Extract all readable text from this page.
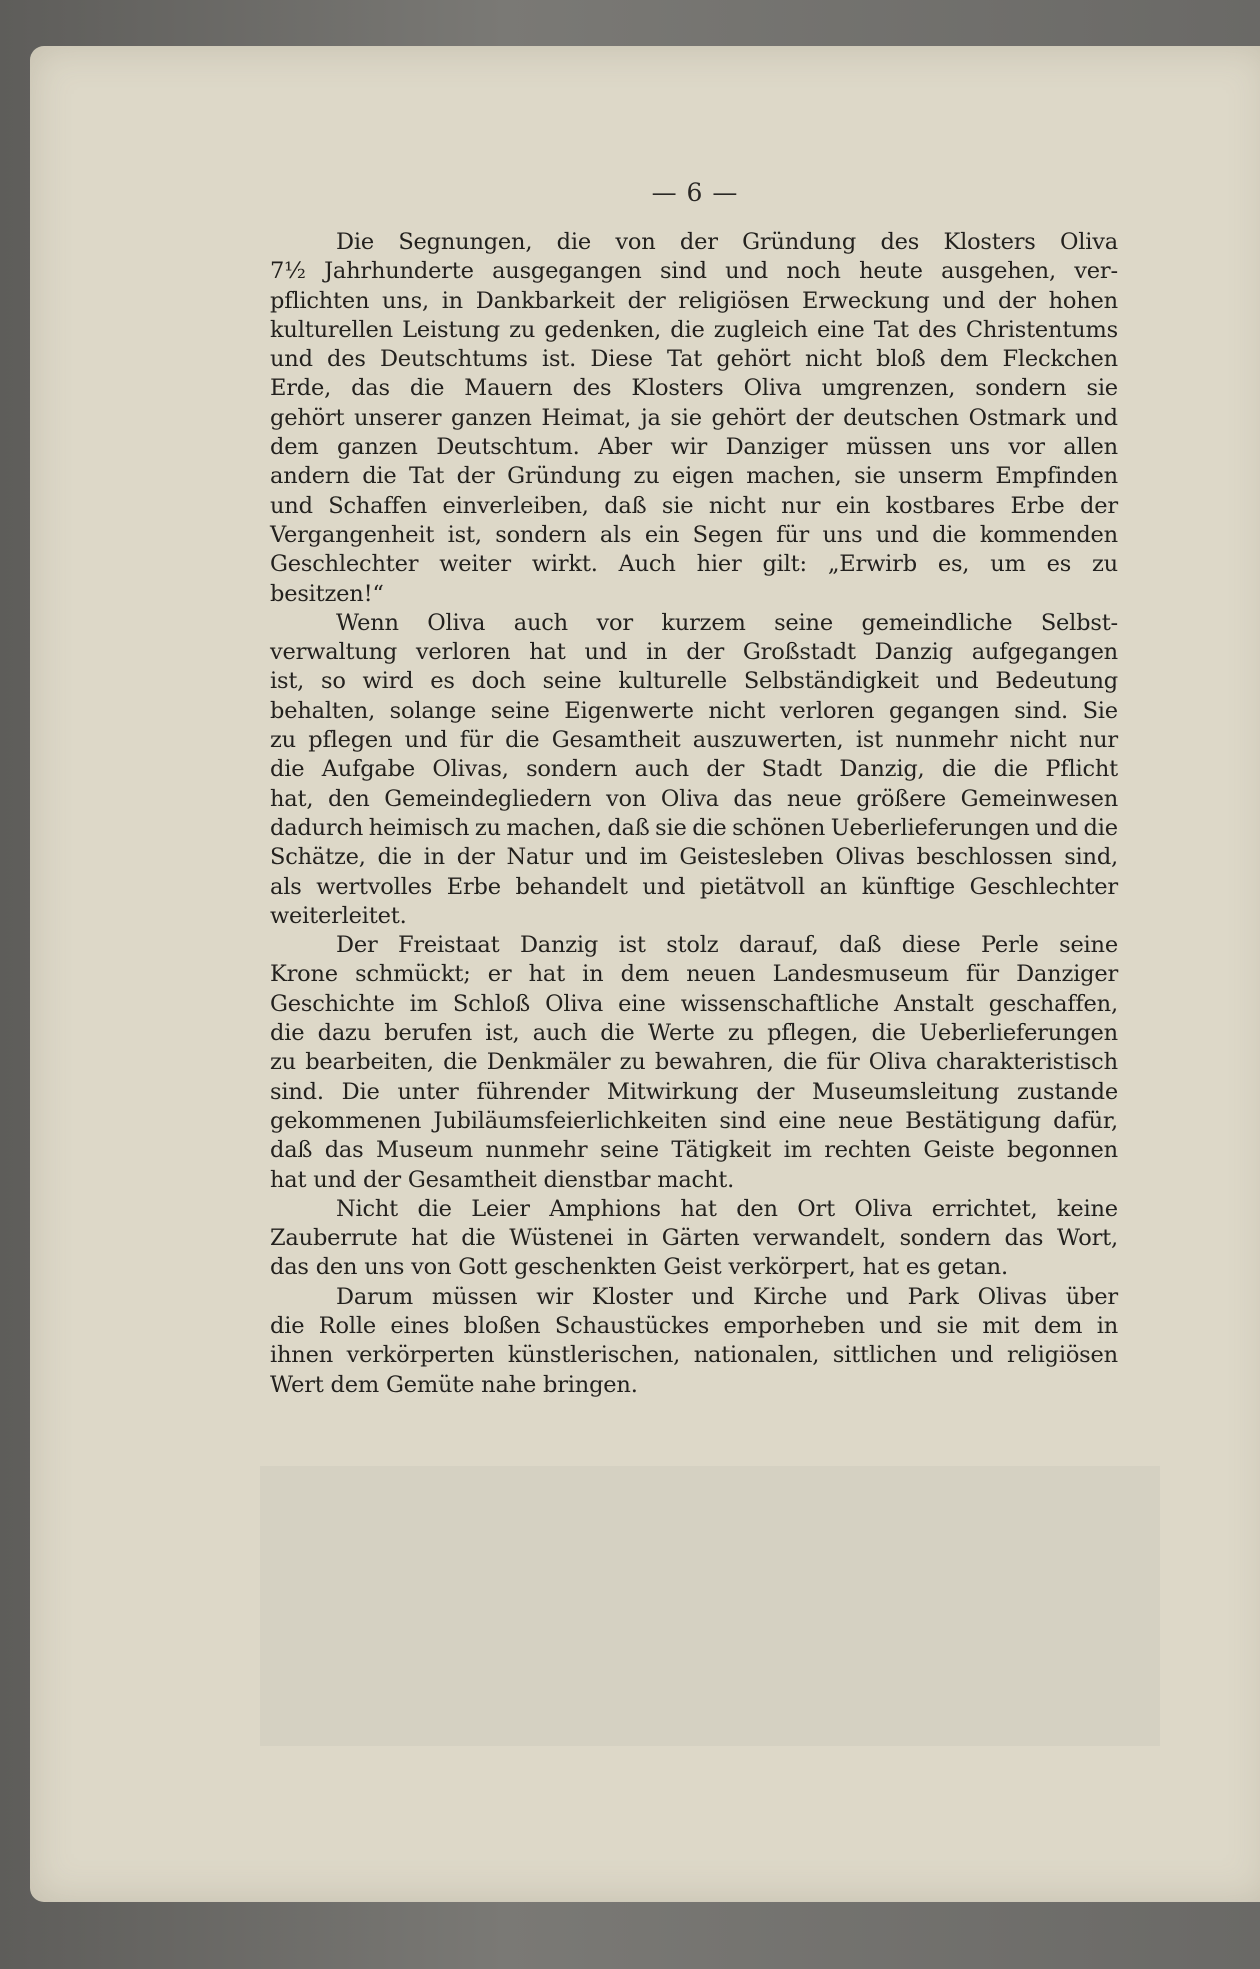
— 6 —
Die Segnungen, die von der Gründung des Klosters Oliva
7½ Jahrhunderte ausgegangen sind und noch heute ausgehen, ver-
pflichten uns, in Dankbarkeit der religiösen Erweckung und der hohen
kulturellen Leistung zu gedenken, die zugleich eine Tat des Christentums
und des Deutschtums ist. Diese Tat gehört nicht bloß dem Fleckchen
Erde, das die Mauern des Klosters Oliva umgrenzen, sondern sie
gehört unserer ganzen Heimat, ja sie gehört der deutschen Ostmark und
dem ganzen Deutschtum. Aber wir Danziger müssen uns vor allen
andern die Tat der Gründung zu eigen machen, sie unserm Empfinden
und Schaffen einverleiben, daß sie nicht nur ein kostbares Erbe der
Vergangenheit ist, sondern als ein Segen für uns und die kommenden
Geschlechter weiter wirkt. Auch hier gilt: „Erwirb es, um es zu
besitzen!“
Wenn Oliva auch vor kurzem seine gemeindliche Selbst-
verwaltung verloren hat und in der Großstadt Danzig aufgegangen
ist, so wird es doch seine kulturelle Selbständigkeit und Bedeutung
behalten, solange seine Eigenwerte nicht verloren gegangen sind. Sie
zu pflegen und für die Gesamtheit auszuwerten, ist nunmehr nicht nur
die Aufgabe Olivas, sondern auch der Stadt Danzig, die die Pflicht
hat, den Gemeindegliedern von Oliva das neue größere Gemeinwesen
dadurch heimisch zu machen, daß sie die schönen Ueberlieferungen und die
Schätze, die in der Natur und im Geistesleben Olivas beschlossen sind,
als wertvolles Erbe behandelt und pietätvoll an künftige Geschlechter
weiterleitet.
Der Freistaat Danzig ist stolz darauf, daß diese Perle seine
Krone schmückt; er hat in dem neuen Landesmuseum für Danziger
Geschichte im Schloß Oliva eine wissenschaftliche Anstalt geschaffen,
die dazu berufen ist, auch die Werte zu pflegen, die Ueberlieferungen
zu bearbeiten, die Denkmäler zu bewahren, die für Oliva charakteristisch
sind. Die unter führender Mitwirkung der Museumsleitung zustande
gekommenen Jubiläumsfeierlichkeiten sind eine neue Bestätigung dafür,
daß das Museum nunmehr seine Tätigkeit im rechten Geiste begonnen
hat und der Gesamtheit dienstbar macht.
Nicht die Leier Amphions hat den Ort Oliva errichtet, keine
Zauberrute hat die Wüstenei in Gärten verwandelt, sondern das Wort,
das den uns von Gott geschenkten Geist verkörpert, hat es getan.
Darum müssen wir Kloster und Kirche und Park Olivas über
die Rolle eines bloßen Schaustückes emporheben und sie mit dem in
ihnen verkörperten künstlerischen, nationalen, sittlichen und religiösen
Wert dem Gemüte nahe bringen.
